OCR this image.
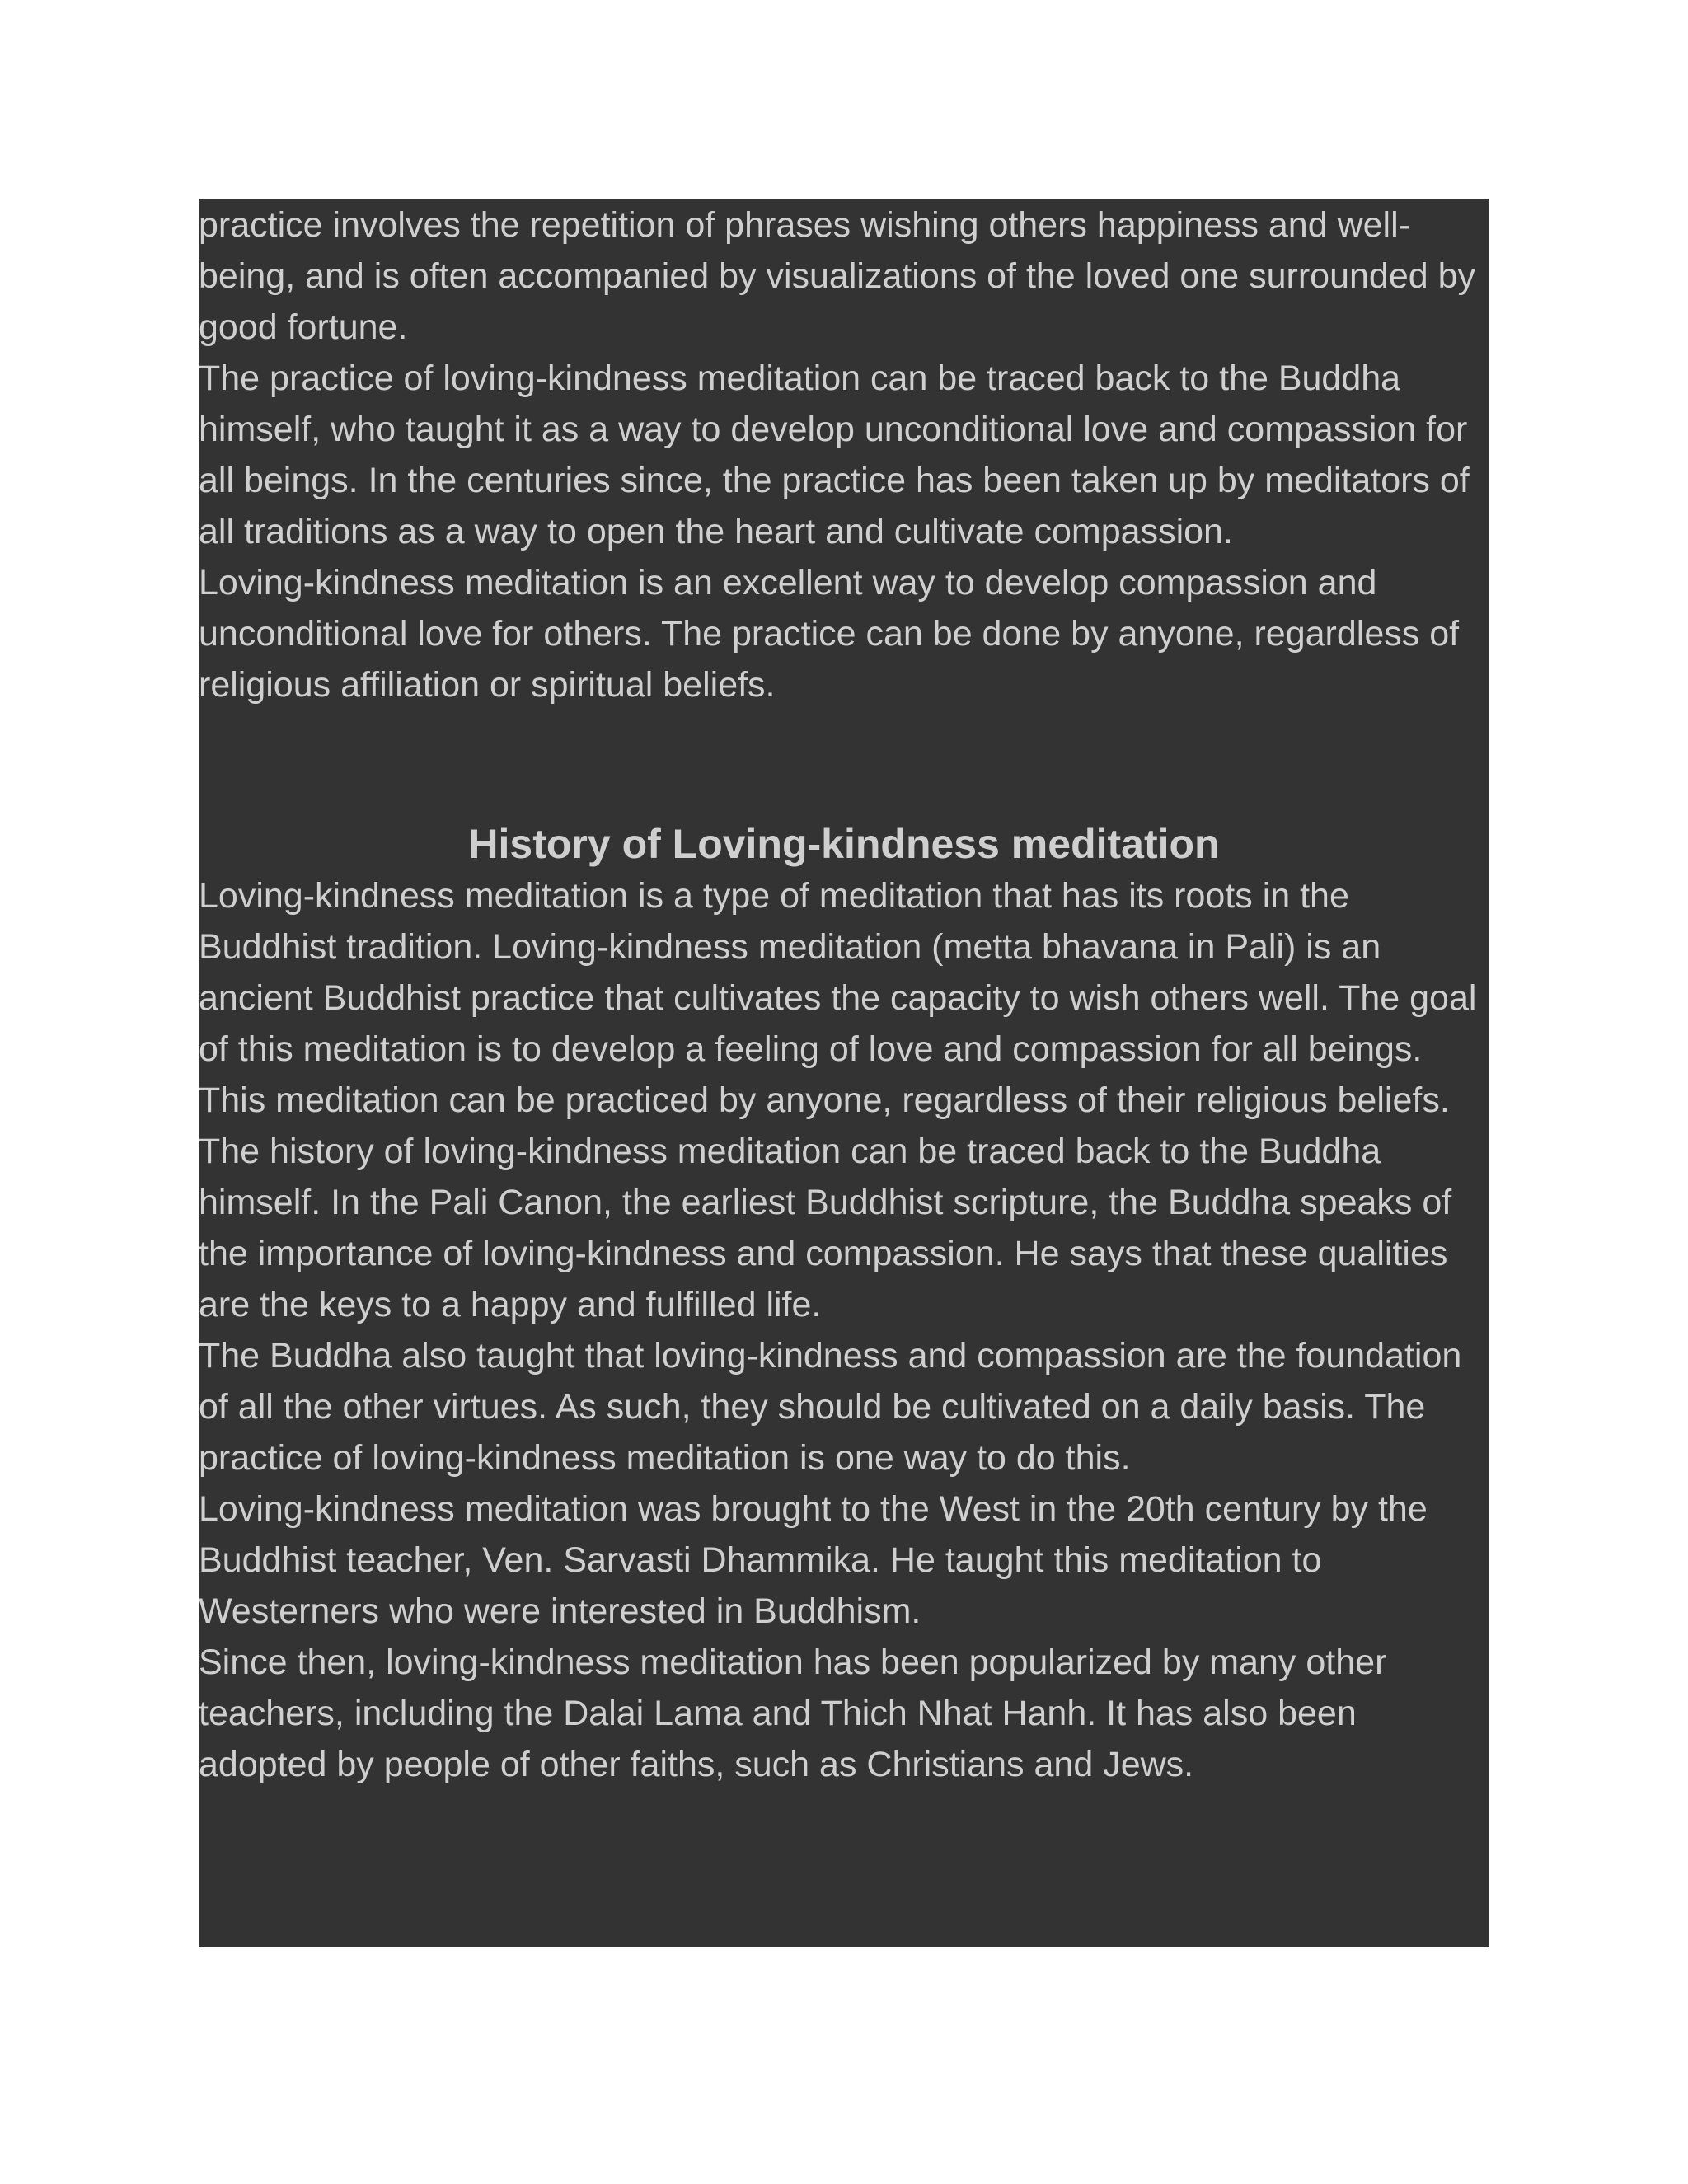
practice involves the repetition of phrases wishing others happiness and well-being, and is often accompanied by visualizations of the loved one surrounded by good fortune.

The practice of loving-kindness meditation can be traced back to the Buddha himself, who taught it as a way to develop unconditional love and compassion for all beings. In the centuries since, the practice has been taken up by meditators of all traditions as a way to open the heart and cultivate compassion.

Loving-kindness meditation is an excellent way to develop compassion and unconditional love for others. The practice can be done by anyone, regardless of religious affiliation or spiritual beliefs.

History of Loving-kindness meditation

Loving-kindness meditation is a type of meditation that has its roots in the Buddhist tradition. Loving-kindness meditation (metta bhavana in Pali) is an ancient Buddhist practice that cultivates the capacity to wish others well. The goal of this meditation is to develop a feeling of love and compassion for all beings. This meditation can be practiced by anyone, regardless of their religious beliefs.

The history of loving-kindness meditation can be traced back to the Buddha himself. In the Pali Canon, the earliest Buddhist scripture, the Buddha speaks of the importance of loving-kindness and compassion. He says that these qualities are the keys to a happy and fulfilled life.

The Buddha also taught that loving-kindness and compassion are the foundation of all the other virtues. As such, they should be cultivated on a daily basis. The practice of loving-kindness meditation is one way to do this.

Loving-kindness meditation was brought to the West in the 20th century by the Buddhist teacher, Ven. Sarvasti Dhammika. He taught this meditation to Westerners who were interested in Buddhism.

Since then, loving-kindness meditation has been popularized by many other teachers, including the Dalai Lama and Thich Nhat Hanh. It has also been adopted by people of other faiths, such as Christians and Jews.
